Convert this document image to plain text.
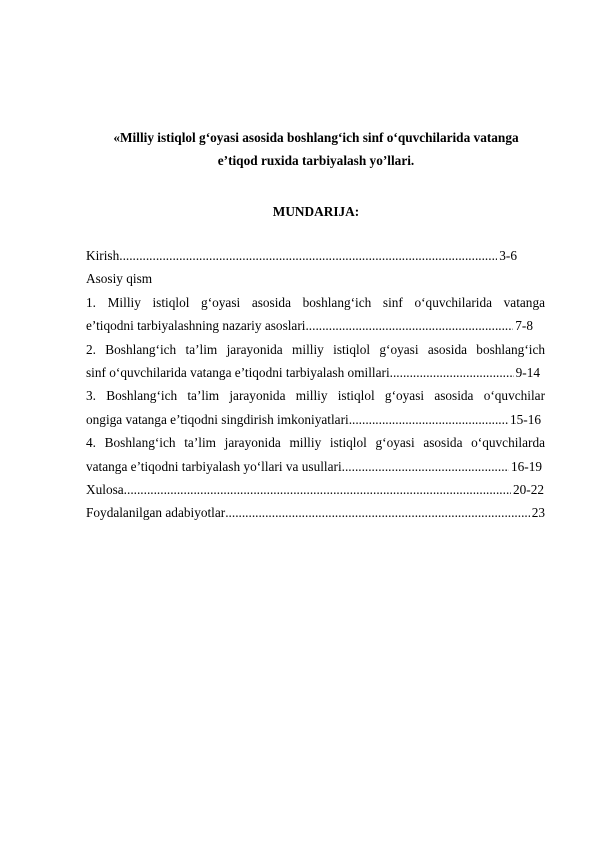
«Milliy istiqlol g‘oyasi asosida boshlang‘ich sinf o‘quvchilarida vatanga
e’tiqod ruxida tarbiyalash yo’llari.
MUNDARIJA:
Kirish .....	3-6
Asosiy qism
1. Milliy istiqlol g‘oyasi asosida boshlang‘ich sinf o‘quvchilarida vatanga
e’tiqodni tarbiyalashning nazariy asoslari .....	7-8
2. Boshlang‘ich ta’lim jarayonida milliy istiqlol g‘oyasi asosida boshlang‘ich
sinf o‘quvchilarida vatanga e’tiqodni tarbiyalash omillari .....	9-14
3. Boshlang‘ich ta’lim jarayonida milliy istiqlol g‘oyasi asosida o‘quvchilar
ongiga vatanga e’tiqodni singdirish imkoniyatlari .....	15-16
4. Boshlang‘ich ta’lim jarayonida milliy istiqlol g‘oyasi asosida o‘quvchilarda
vatanga e’tiqodni tarbiyalash yo‘llari va usullari .....	16-19
Xulosa .....	20-22
Foydalanilgan adabiyotlar .....	23
